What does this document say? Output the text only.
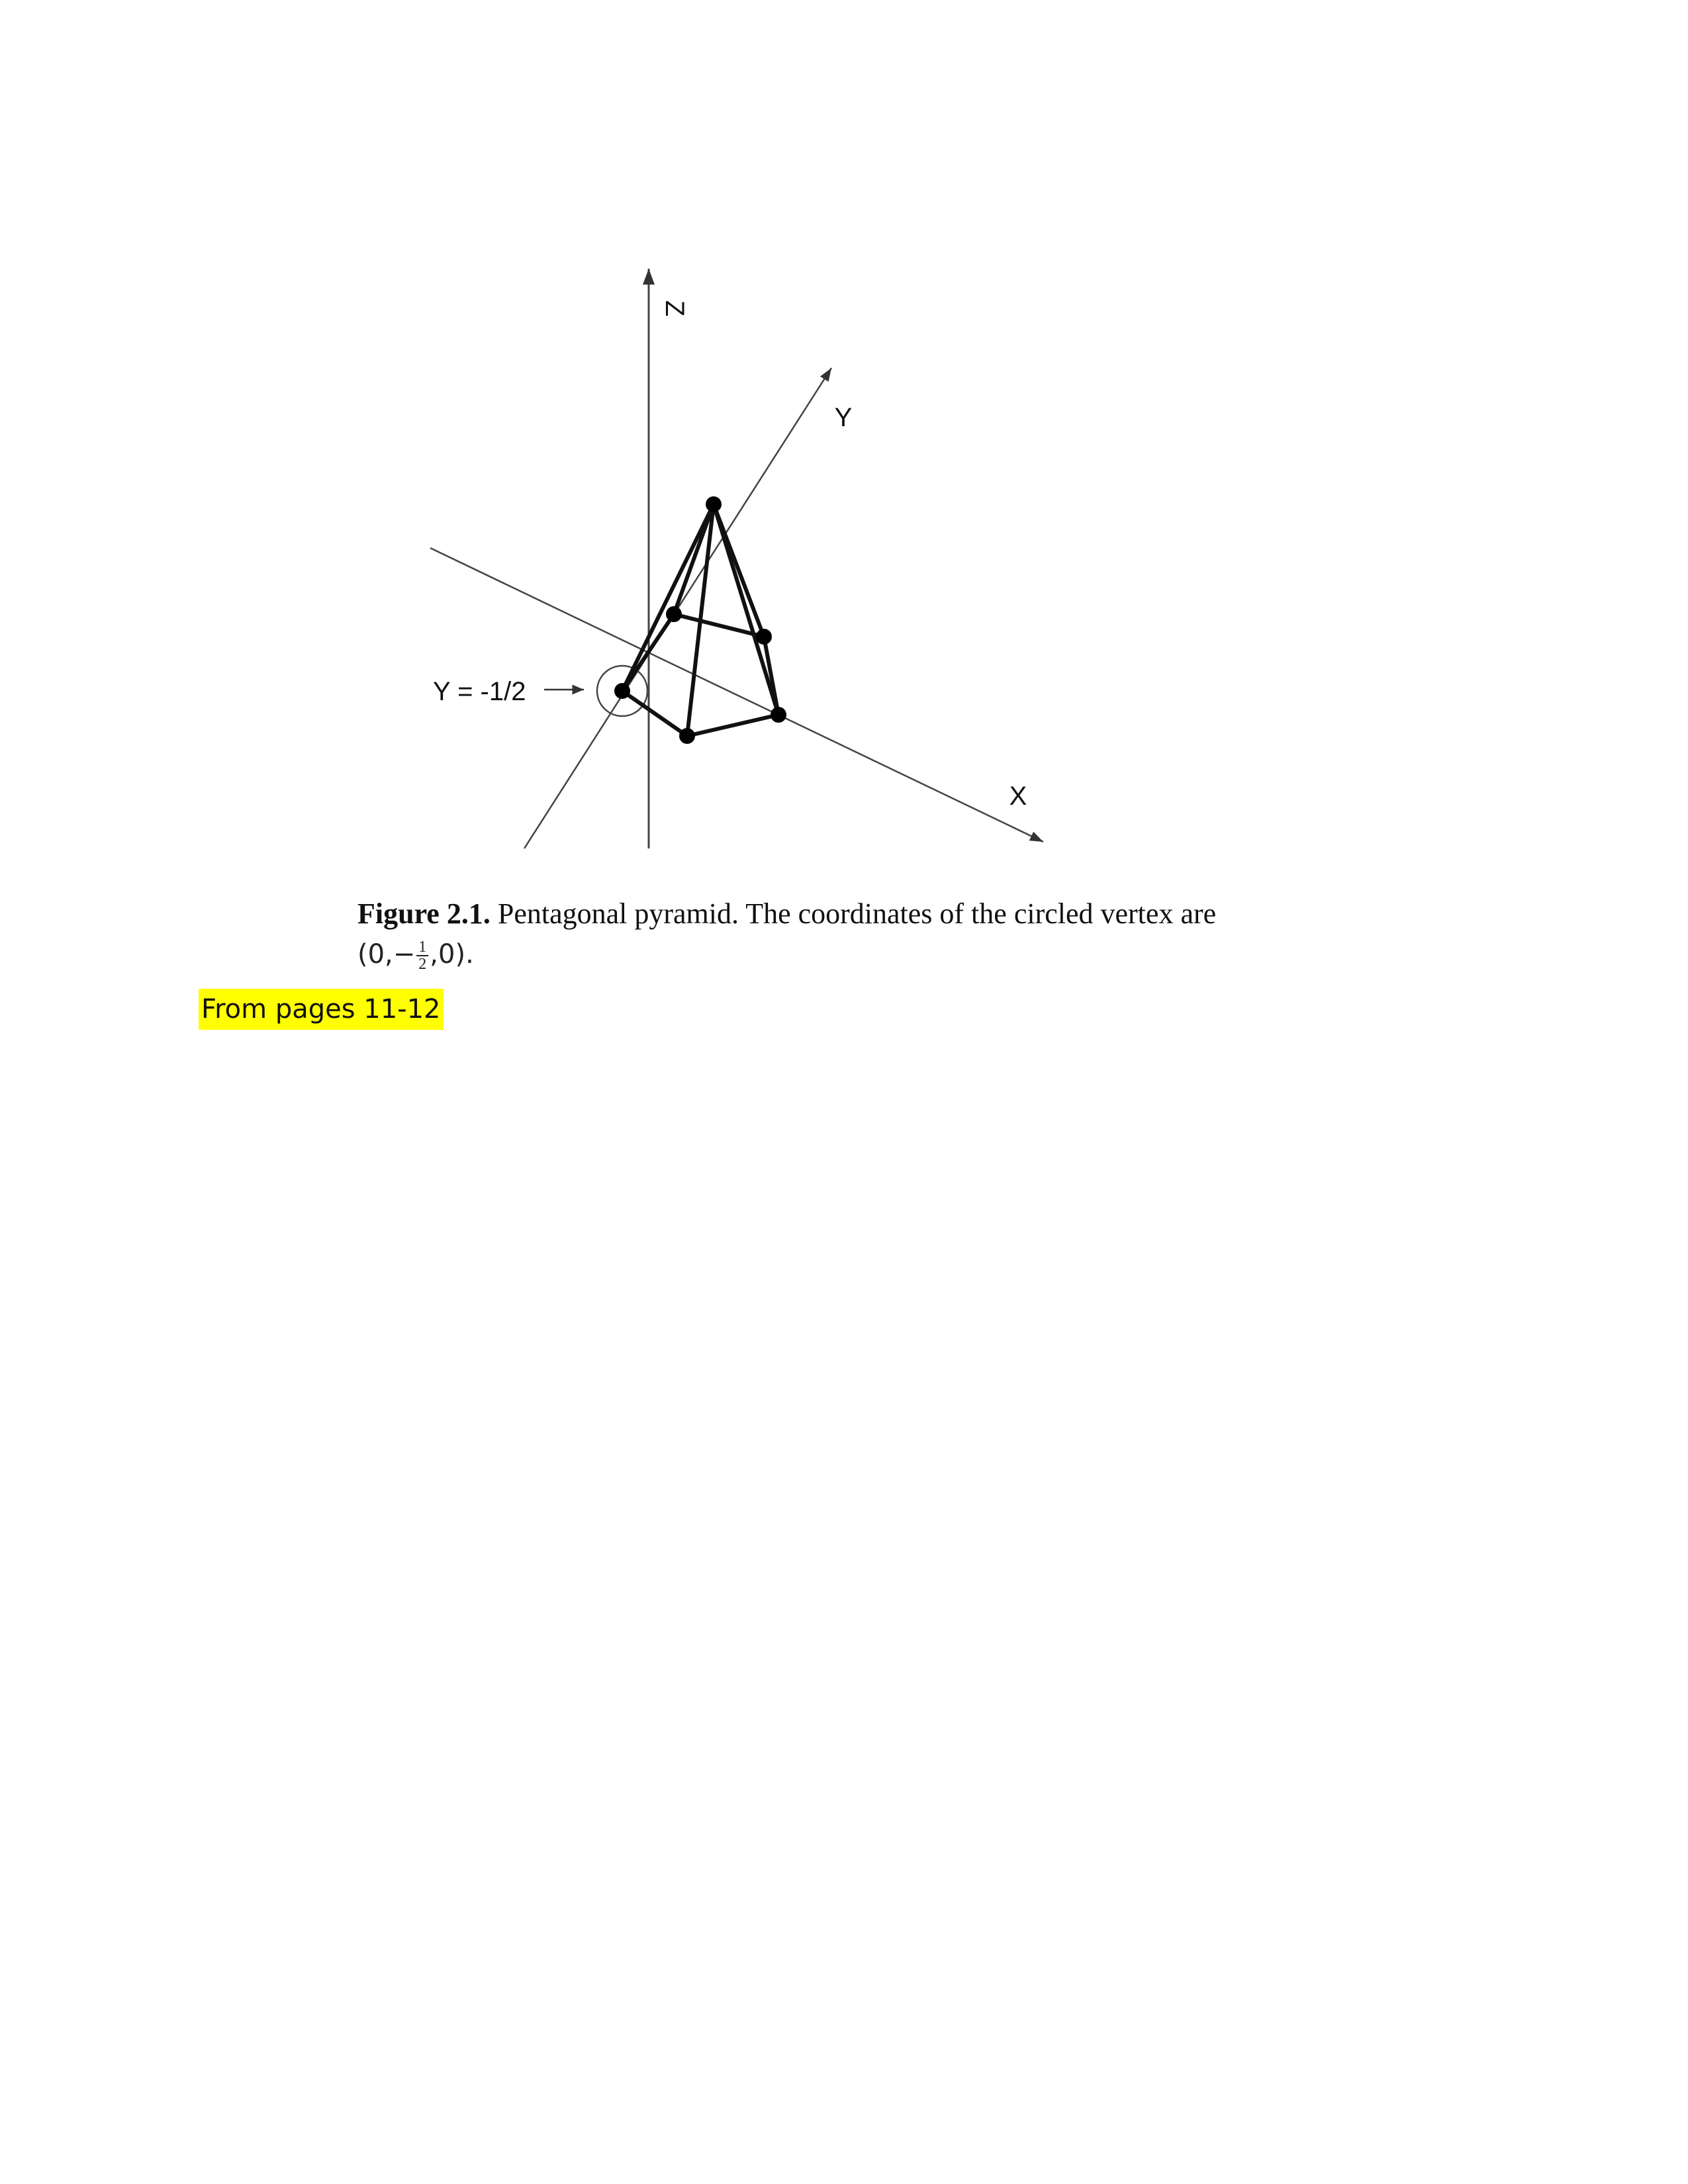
Z
Y
X
Y = -1/2
Figure 2.1. Pentagonal pyramid. The coordinates of the circled vertex are
$(0,- \frac{1}{2} ,0)$.
From pages 11-12
